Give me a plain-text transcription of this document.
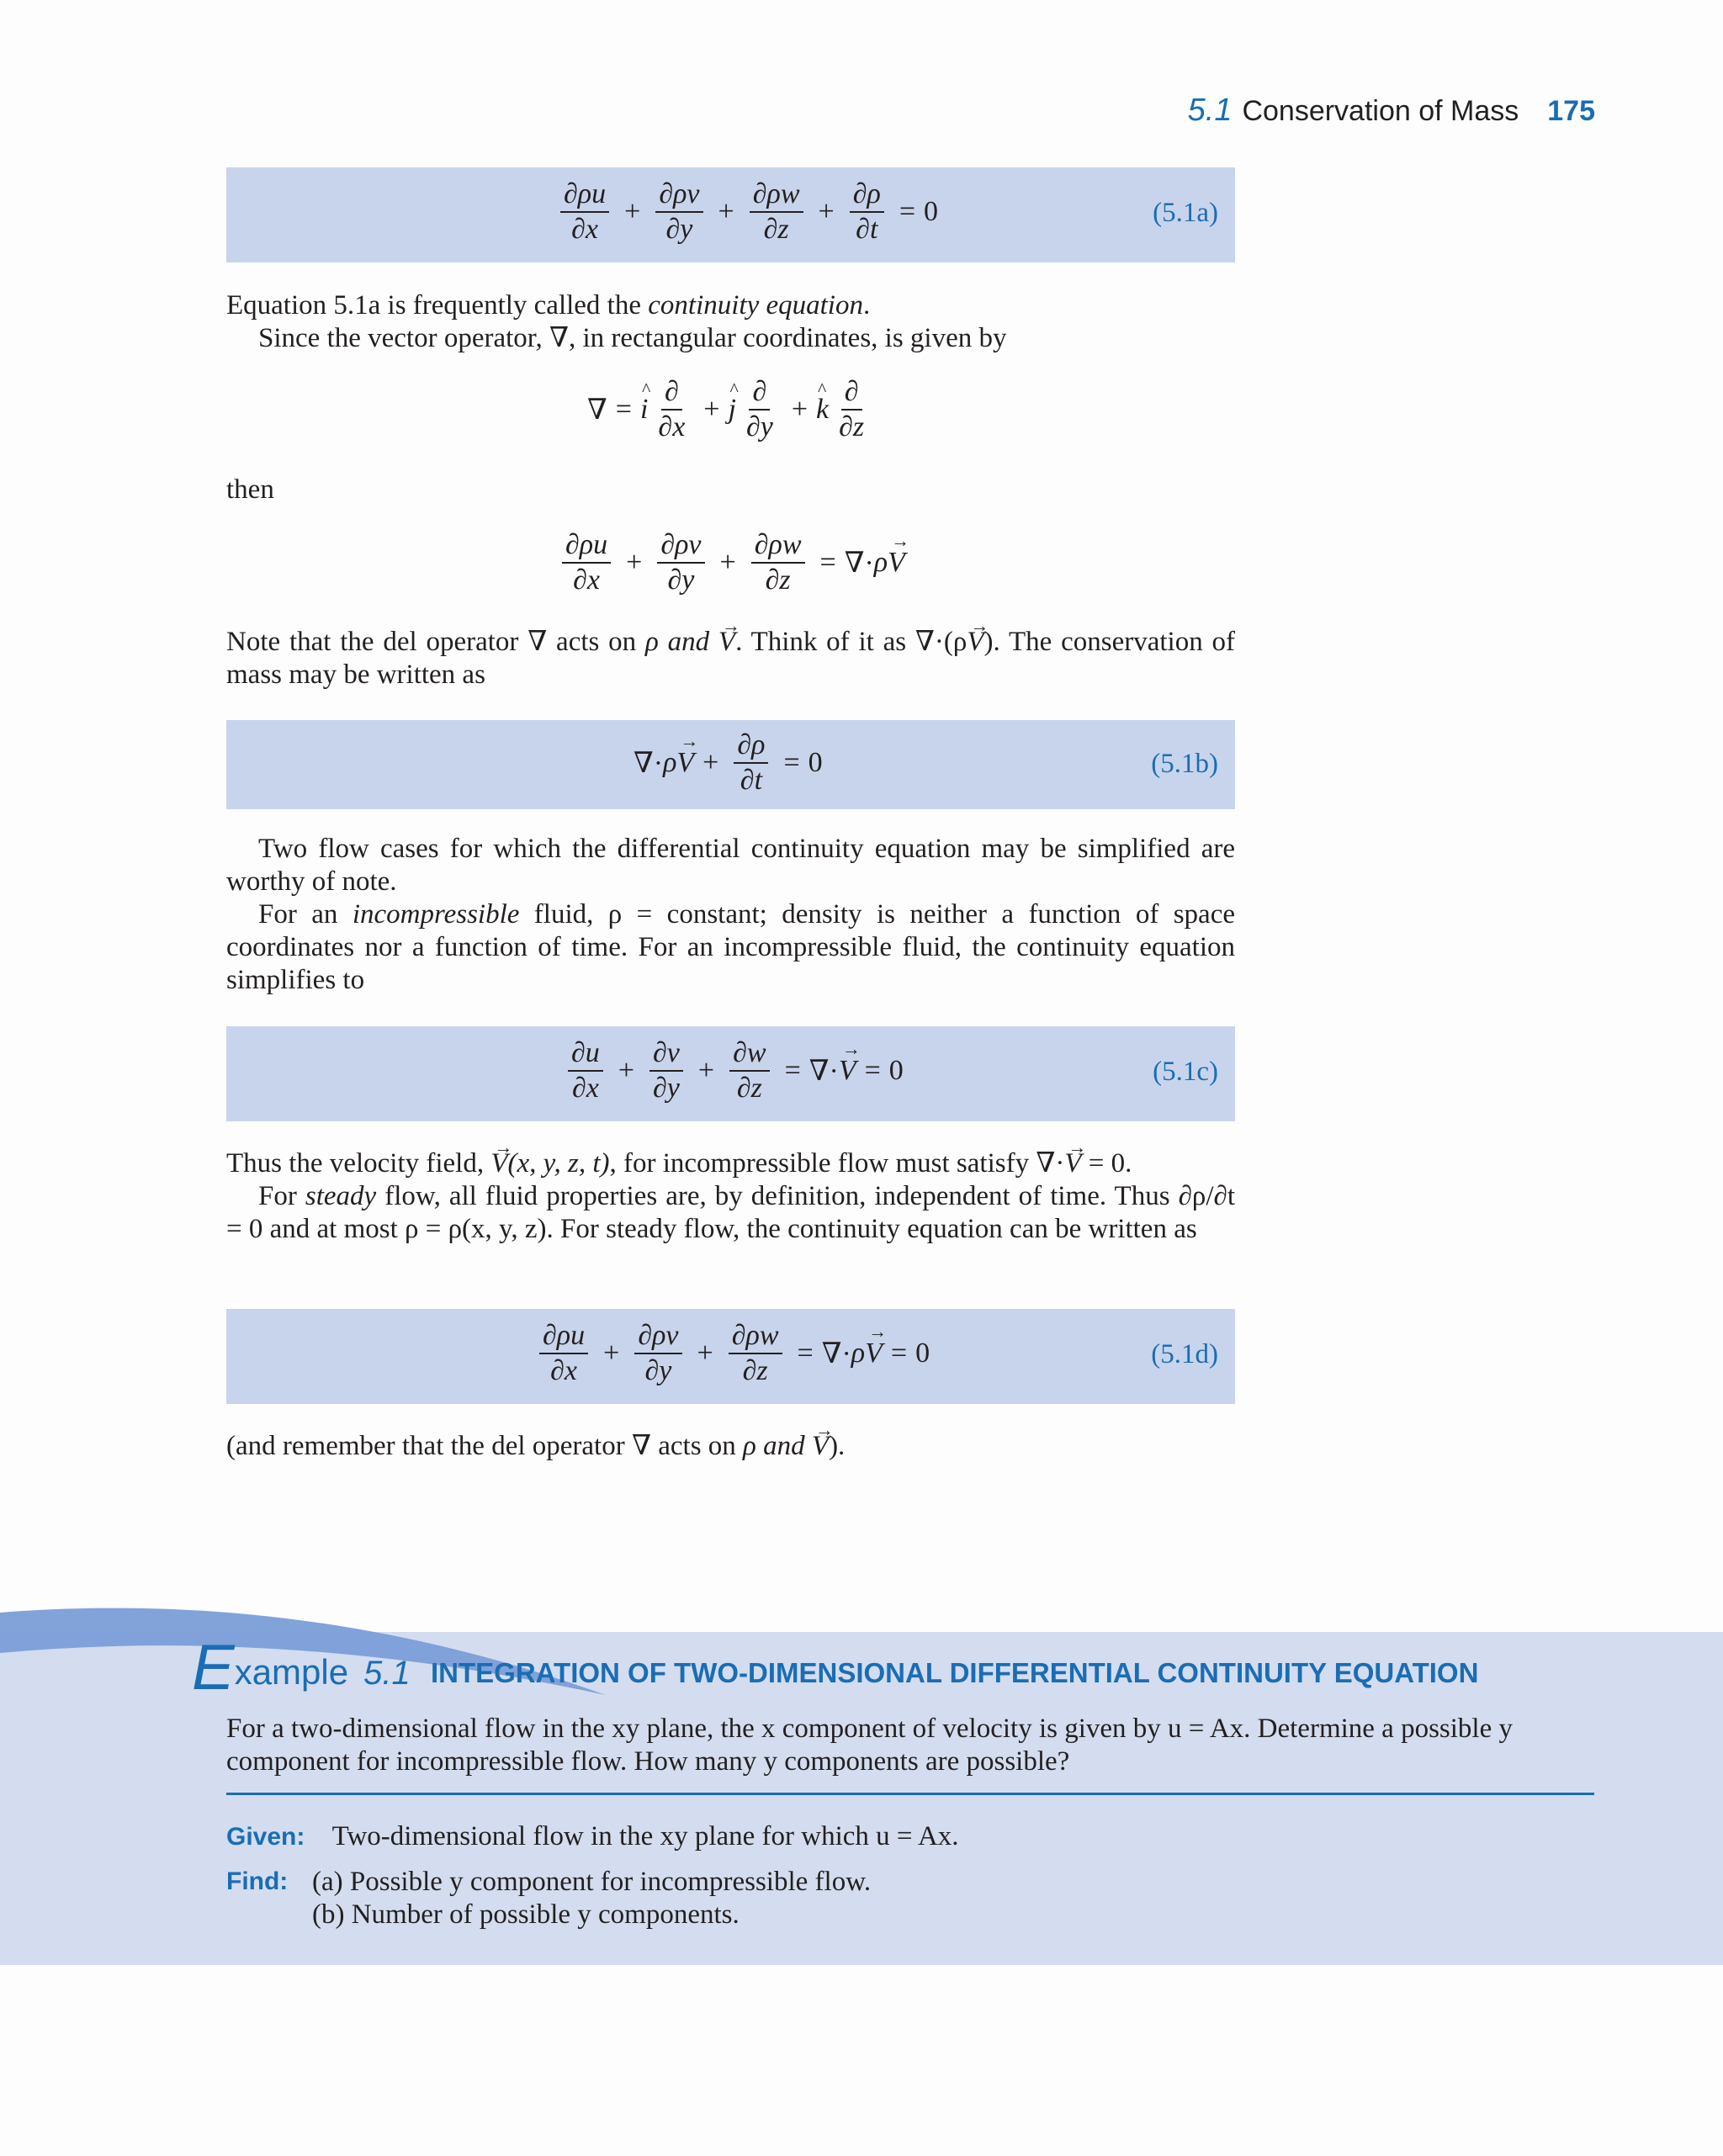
5.1 Conservation of Mass 175
$\frac{\partial\rho u}{\partial x} + \frac{\partial\rho v}{\partial y} + \frac{\partial\rho w}{\partial z} + \frac{\partial\rho}{\partial t} = 0$	(5.1a)
Equation 5.1a is frequently called the continuity equation.
Since the vector operator, ∇, in rectangular coordinates, is given by
∇ =
^ i $\frac{\partial}{\partial x}$ +
^ j $\frac{\partial}{\partial y}$ +
^ k $\frac{\partial}{\partial z}$
then
$\frac{\partial\rho u}{\partial x} + \frac{\partial\rho v}{\partial y} + \frac{\partial\rho w}{\partial z}$ = ∇· ρ
→ V
Note that the del operator ∇ acts on ρ and → V. Think of it as ∇·(ρ→ V). The conservation of mass may be written as
∇· ρ
→ $V + \frac{\partial\rho}{\partial t} = 0$	(5.1b)
Two flow cases for which the differential continuity equation may be simplified are worthy of note.
For an incompressible fluid, ρ = constant; density is neither a function of space coordinates nor a function of time. For an incompressible fluid, the continuity equation simplifies to
$\frac{\partial u}{\partial x} + \frac{\partial v}{\partial y} + \frac{\partial w}{\partial z}$ = ∇·
→ V = 0	(5.1c)
Thus the velocity field, → V(x, y, z, t), for incompressible flow must satisfy ∇·→ V = 0.
For steady flow, all fluid properties are, by definition, independent of time. Thus ∂ρ/∂t = 0 and at most ρ = ρ(x, y, z). For steady flow, the continuity equation can be written as
$\frac{\partial\rho u}{\partial x} + \frac{\partial\rho v}{\partial y} + \frac{\partial\rho w}{\partial z}$ = ∇· ρ
→ V = 0	(5.1d)
(and remember that the del operator ∇ acts on ρ and → V).
Example 5.1 INTEGRATION OF TWO-DIMENSIONAL DIFFERENTIAL CONTINUITY EQUATION
For a two-dimensional flow in the xy plane, the x component of velocity is given by u = Ax. Determine a possible y component for incompressible flow. How many y components are possible?
Given: Two-dimensional flow in the xy plane for which u = Ax.
Find: (a) Possible y component for incompressible flow.
(b) Number of possible y components.
